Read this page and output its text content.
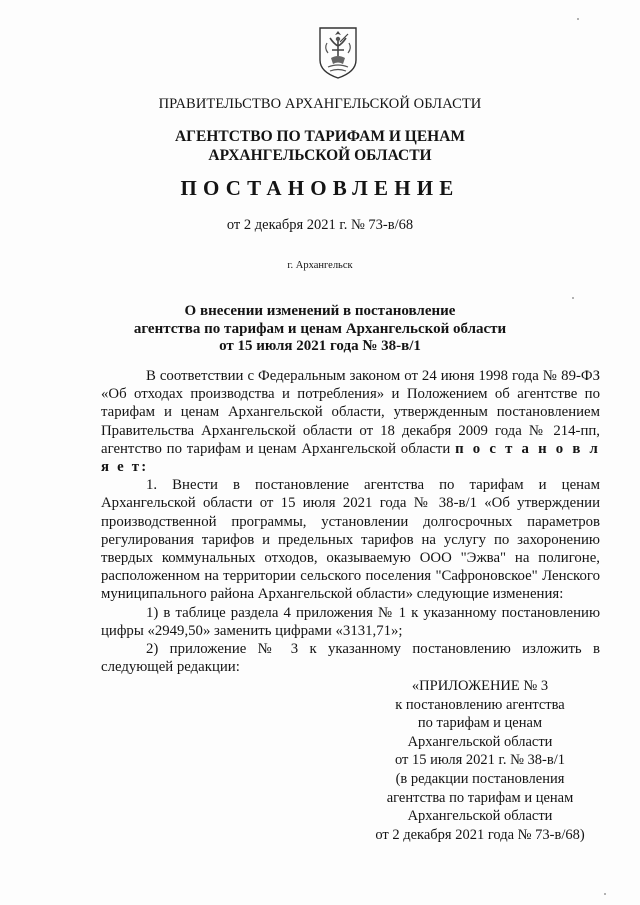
ПРАВИТЕЛЬСТВО АРХАНГЕЛЬСКОЙ ОБЛАСТИ
АГЕНТСТВО ПО ТАРИФАМ И ЦЕНАМ
АРХАНГЕЛЬСКОЙ ОБЛАСТИ
ПОСТАНОВЛЕНИЕ
от 2 декабря 2021 г. № 73-в/68
г. Архангельск
О внесении изменений в постановление
агентства по тарифам и ценам Архангельской области
от 15 июля 2021 года № 38-в/1

В соответствии с Федеральным законом от 24 июня 1998 года № 89-ФЗ «Об отходах производства и потребления» и Положением об агентстве по тарифам и ценам Архангельской области, утвержденным постановлением Правительства Архангельской области от 18 декабря 2009 года № 214-пп, агентство по тарифам и ценам Архангельской области п о с т а н о в л я е т:

1. Внести в постановление агентства по тарифам и ценам Архангельской области от 15 июля 2021 года № 38-в/1 «Об утверждении производственной программы, установлении долгосрочных параметров регулирования тарифов и предельных тарифов на услугу по захоронению твердых коммунальных отходов, оказываемую ООО "Эжва" на полигоне, расположенном на территории сельского поселения "Сафроновское" Ленского муниципального района Архангельской области» следующие изменения:

1) в таблице раздела 4 приложения № 1 к указанному постановлению цифры «2949,50» заменить цифрами «3131,71»;

2) приложение № 3 к указанному постановлению изложить в следующей редакции:

«ПРИЛОЖЕНИЕ № 3
к постановлению агентства
по тарифам и ценам
Архангельской области
от 15 июля 2021 г. № 38-в/1
(в редакции постановления
агентства по тарифам и ценам
Архангельской области
от 2 декабря 2021 года № 73-в/68)
